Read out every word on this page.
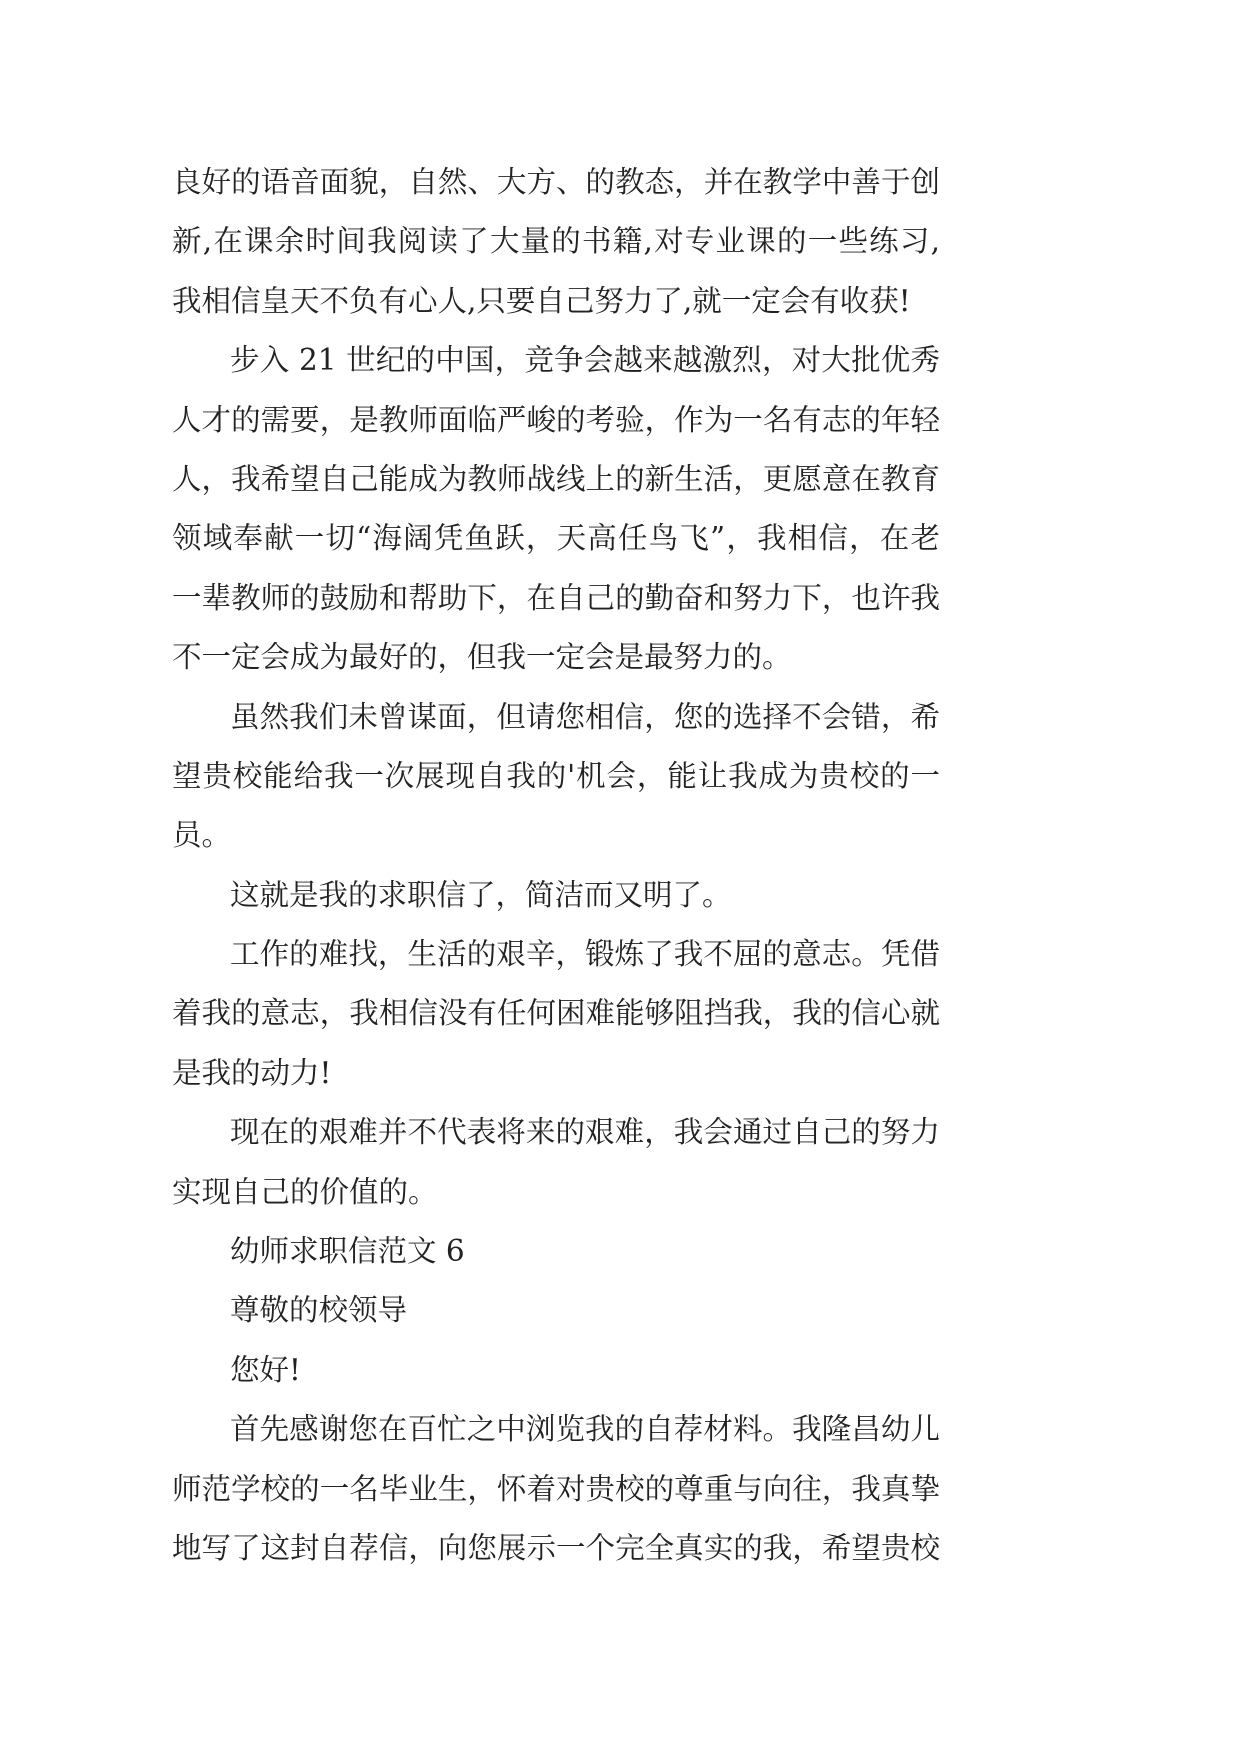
良好的语音面貌，自然、大方、的教态，并在教学中善于创
新,在课余时间我阅读了大量的书籍,对专业课的一些练习,
我相信皇天不负有心人,只要自己努力了,就一定会有收获!
步入 21 世纪的中国，竞争会越来越激烈，对大批优秀
人才的需要，是教师面临严峻的考验，作为一名有志的年轻
人，我希望自己能成为教师战线上的新生活，更愿意在教育
领域奉献一切“海阔凭鱼跃，天高任鸟飞”，我相信，在老
一辈教师的鼓励和帮助下，在自己的勤奋和努力下，也许我
不一定会成为最好的，但我一定会是最努力的。
虽然我们未曾谋面，但请您相信，您的选择不会错，希
望贵校能给我一次展现自我的'机会，能让我成为贵校的一
员。
这就是我的求职信了，简洁而又明了。
工作的难找，生活的艰辛，锻炼了我不屈的意志。凭借
着我的意志，我相信没有任何困难能够阻挡我，我的信心就
是我的动力!
现在的艰难并不代表将来的艰难，我会通过自己的努力
实现自己的价值的。
幼师求职信范文 6
尊敬的校领导
您好!
首先感谢您在百忙之中浏览我的自荐材料。我隆昌幼儿
师范学校的一名毕业生，怀着对贵校的尊重与向往，我真挚
地写了这封自荐信，向您展示一个完全真实的我，希望贵校
